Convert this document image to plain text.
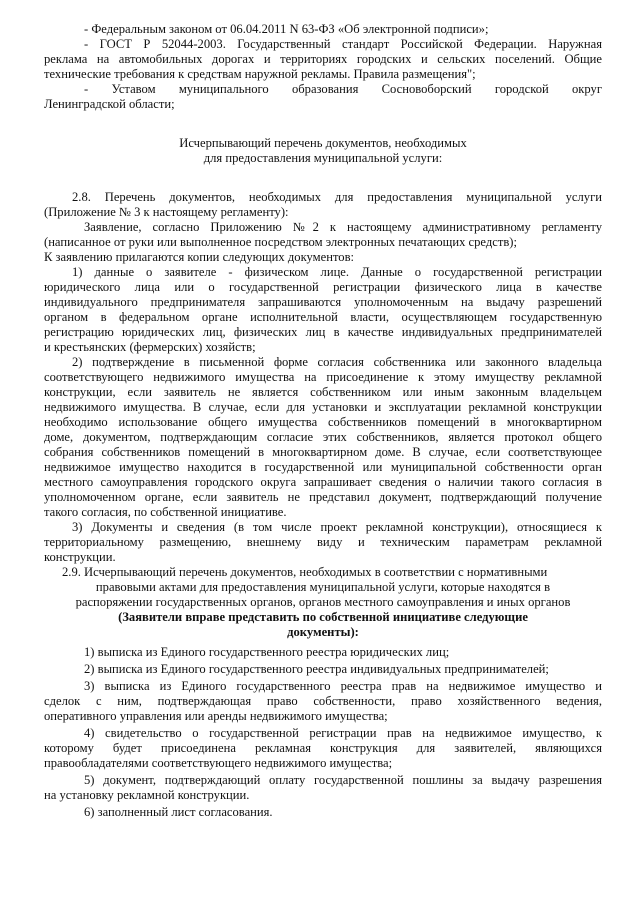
- Федеральным законом от 06.04.2011 N 63-ФЗ «Об электронной подписи»;
- ГОСТ Р 52044-2003. Государственный стандарт Российской Федерации. Наружная
реклама на автомобильных дорогах и территориях городских и сельских поселений. Общие
технические требования к средствам наружной рекламы. Правила размещения";
- Уставом муниципального образования Сосновоборский городской округ
Ленинградской области;
Исчерпывающий перечень документов, необходимых
для предоставления муниципальной услуги:
2.8. Перечень документов, необходимых для предоставления муниципальной услуги
(Приложение № 3 к настоящему регламенту):
Заявление, согласно Приложению №2 к настоящему административному регламенту
(написанное от руки или выполненное посредством электронных печатающих средств);
К заявлению прилагаются копии следующих документов:
1) данные о заявителе - физическом лице. Данные о государственной регистрации
юридического лица или о государственной регистрации физического лица в качестве
индивидуального предпринимателя запрашиваются уполномоченным на выдачу разрешений
органом в федеральном органе исполнительной власти, осуществляющем государственную
регистрацию юридических лиц, физических лиц в качестве индивидуальных предпринимателей
и крестьянских (фермерских) хозяйств;
2) подтверждение в письменной форме согласия собственника или законного владельца
соответствующего недвижимого имущества на присоединение к этому имуществу рекламной
конструкции, если заявитель не является собственником или иным законным владельцем
недвижимого имущества. В случае, если для установки и эксплуатации рекламной конструкции
необходимо использование общего имущества собственников помещений в многоквартирном
доме, документом, подтверждающим согласие этих собственников, является протокол общего
собрания собственников помещений в многоквартирном доме. В случае, если соответствующее
недвижимое имущество находится в государственной или муниципальной собственности орган
местного самоуправления городского округа запрашивает сведения о наличии такого согласия в
уполномоченном органе, если заявитель не представил документ, подтверждающий получение
такого согласия, по собственной инициативе.
3) Документы и сведения (в том числе проект рекламной конструкции), относящиеся к
территориальному размещению, внешнему виду и техническим параметрам рекламной
конструкции.
2.9. Исчерпывающий перечень документов, необходимых в соответствии с нормативными
правовыми актами для предоставления муниципальной услуги, которые находятся в
распоряжении государственных органов, органов местного самоуправления и иных органов
(Заявители вправе представить по собственной инициативе следующие
документы):
1) выписка из Единого государственного реестра юридических лиц;
2) выписка из Единого государственного реестра индивидуальных предпринимателей;
3) выписка из Единого государственного реестра прав на недвижимое имущество и
сделок с ним, подтверждающая право собственности, право хозяйственного ведения,
оперативного управления или аренды недвижимого имущества;
4) свидетельство о государственной регистрации прав на недвижимое имущество, к
которому будет присоединена рекламная конструкция для заявителей, являющихся
правообладателями соответствующего недвижимого имущества;
5) документ, подтверждающий оплату государственной пошлины за выдачу разрешения
на установку рекламной конструкции.
6) заполненный лист согласования.
